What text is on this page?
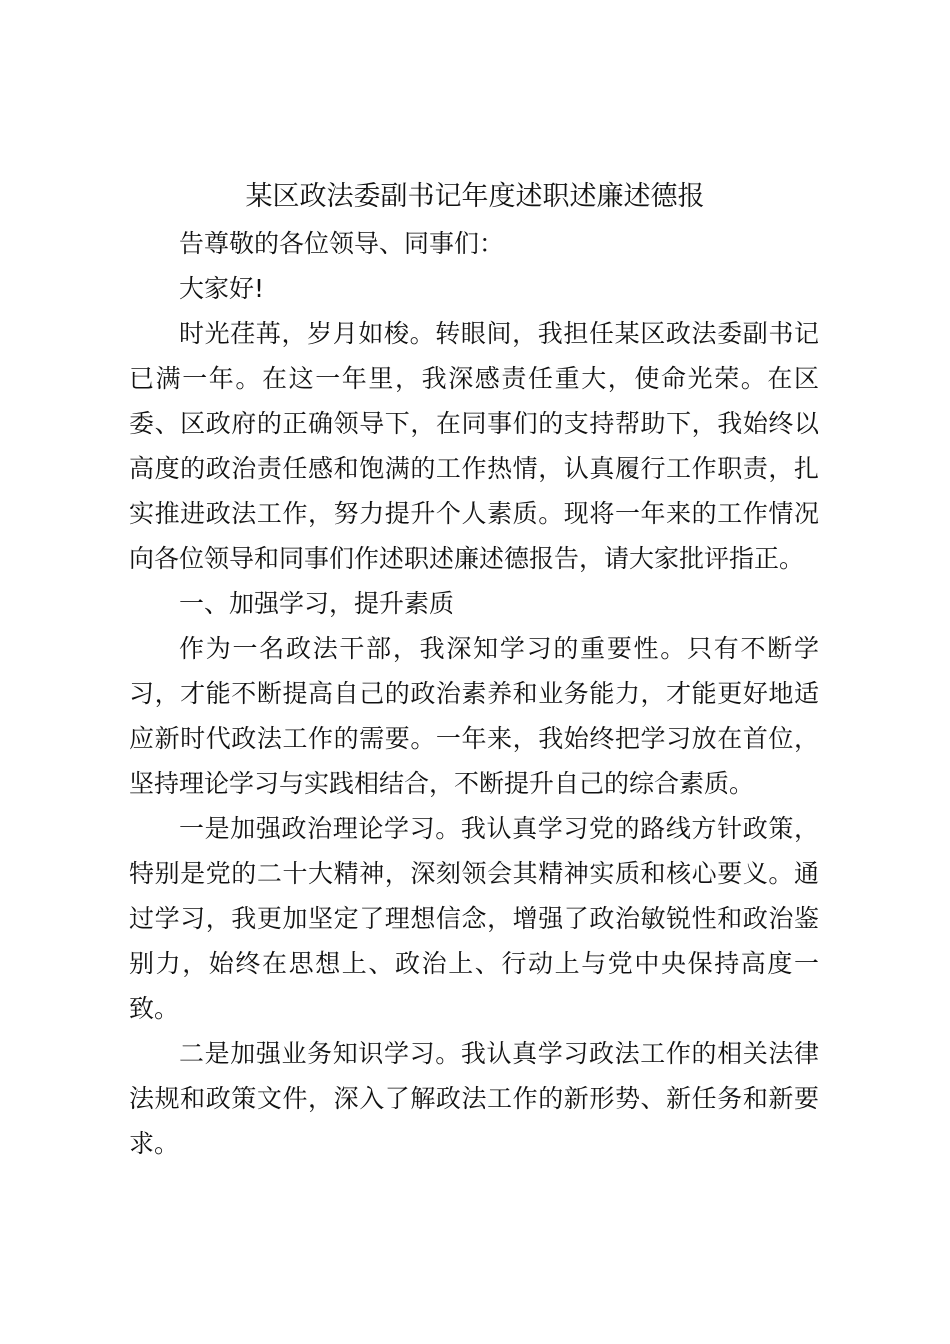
某区政法委副书记年度述职述廉述德报

告尊敬的各位领导、同事们：

大家好!

时光荏苒，岁月如梭。转眼间，我担任某区政法委副书记已满一年。在这一年里，我深感责任重大，使命光荣。在区委、区政府的正确领导下，在同事们的支持帮助下，我始终以高度的政治责任感和饱满的工作热情，认真履行工作职责，扎实推进政法工作，努力提升个人素质。现将一年来的工作情况向各位领导和同事们作述职述廉述德报告，请大家批评指正。

一、加强学习，提升素质

作为一名政法干部，我深知学习的重要性。只有不断学习，才能不断提高自己的政治素养和业务能力，才能更好地适应新时代政法工作的需要。一年来，我始终把学习放在首位，坚持理论学习与实践相结合，不断提升自己的综合素质。

一是加强政治理论学习。我认真学习党的路线方针政策，特别是党的二十大精神，深刻领会其精神实质和核心要义。通过学习，我更加坚定了理想信念，增强了政治敏锐性和政治鉴别力，始终在思想上、政治上、行动上与党中央保持高度一致。

二是加强业务知识学习。我认真学习政法工作的相关法律法规和政策文件，深入了解政法工作的新形势、新任务和新要求。
